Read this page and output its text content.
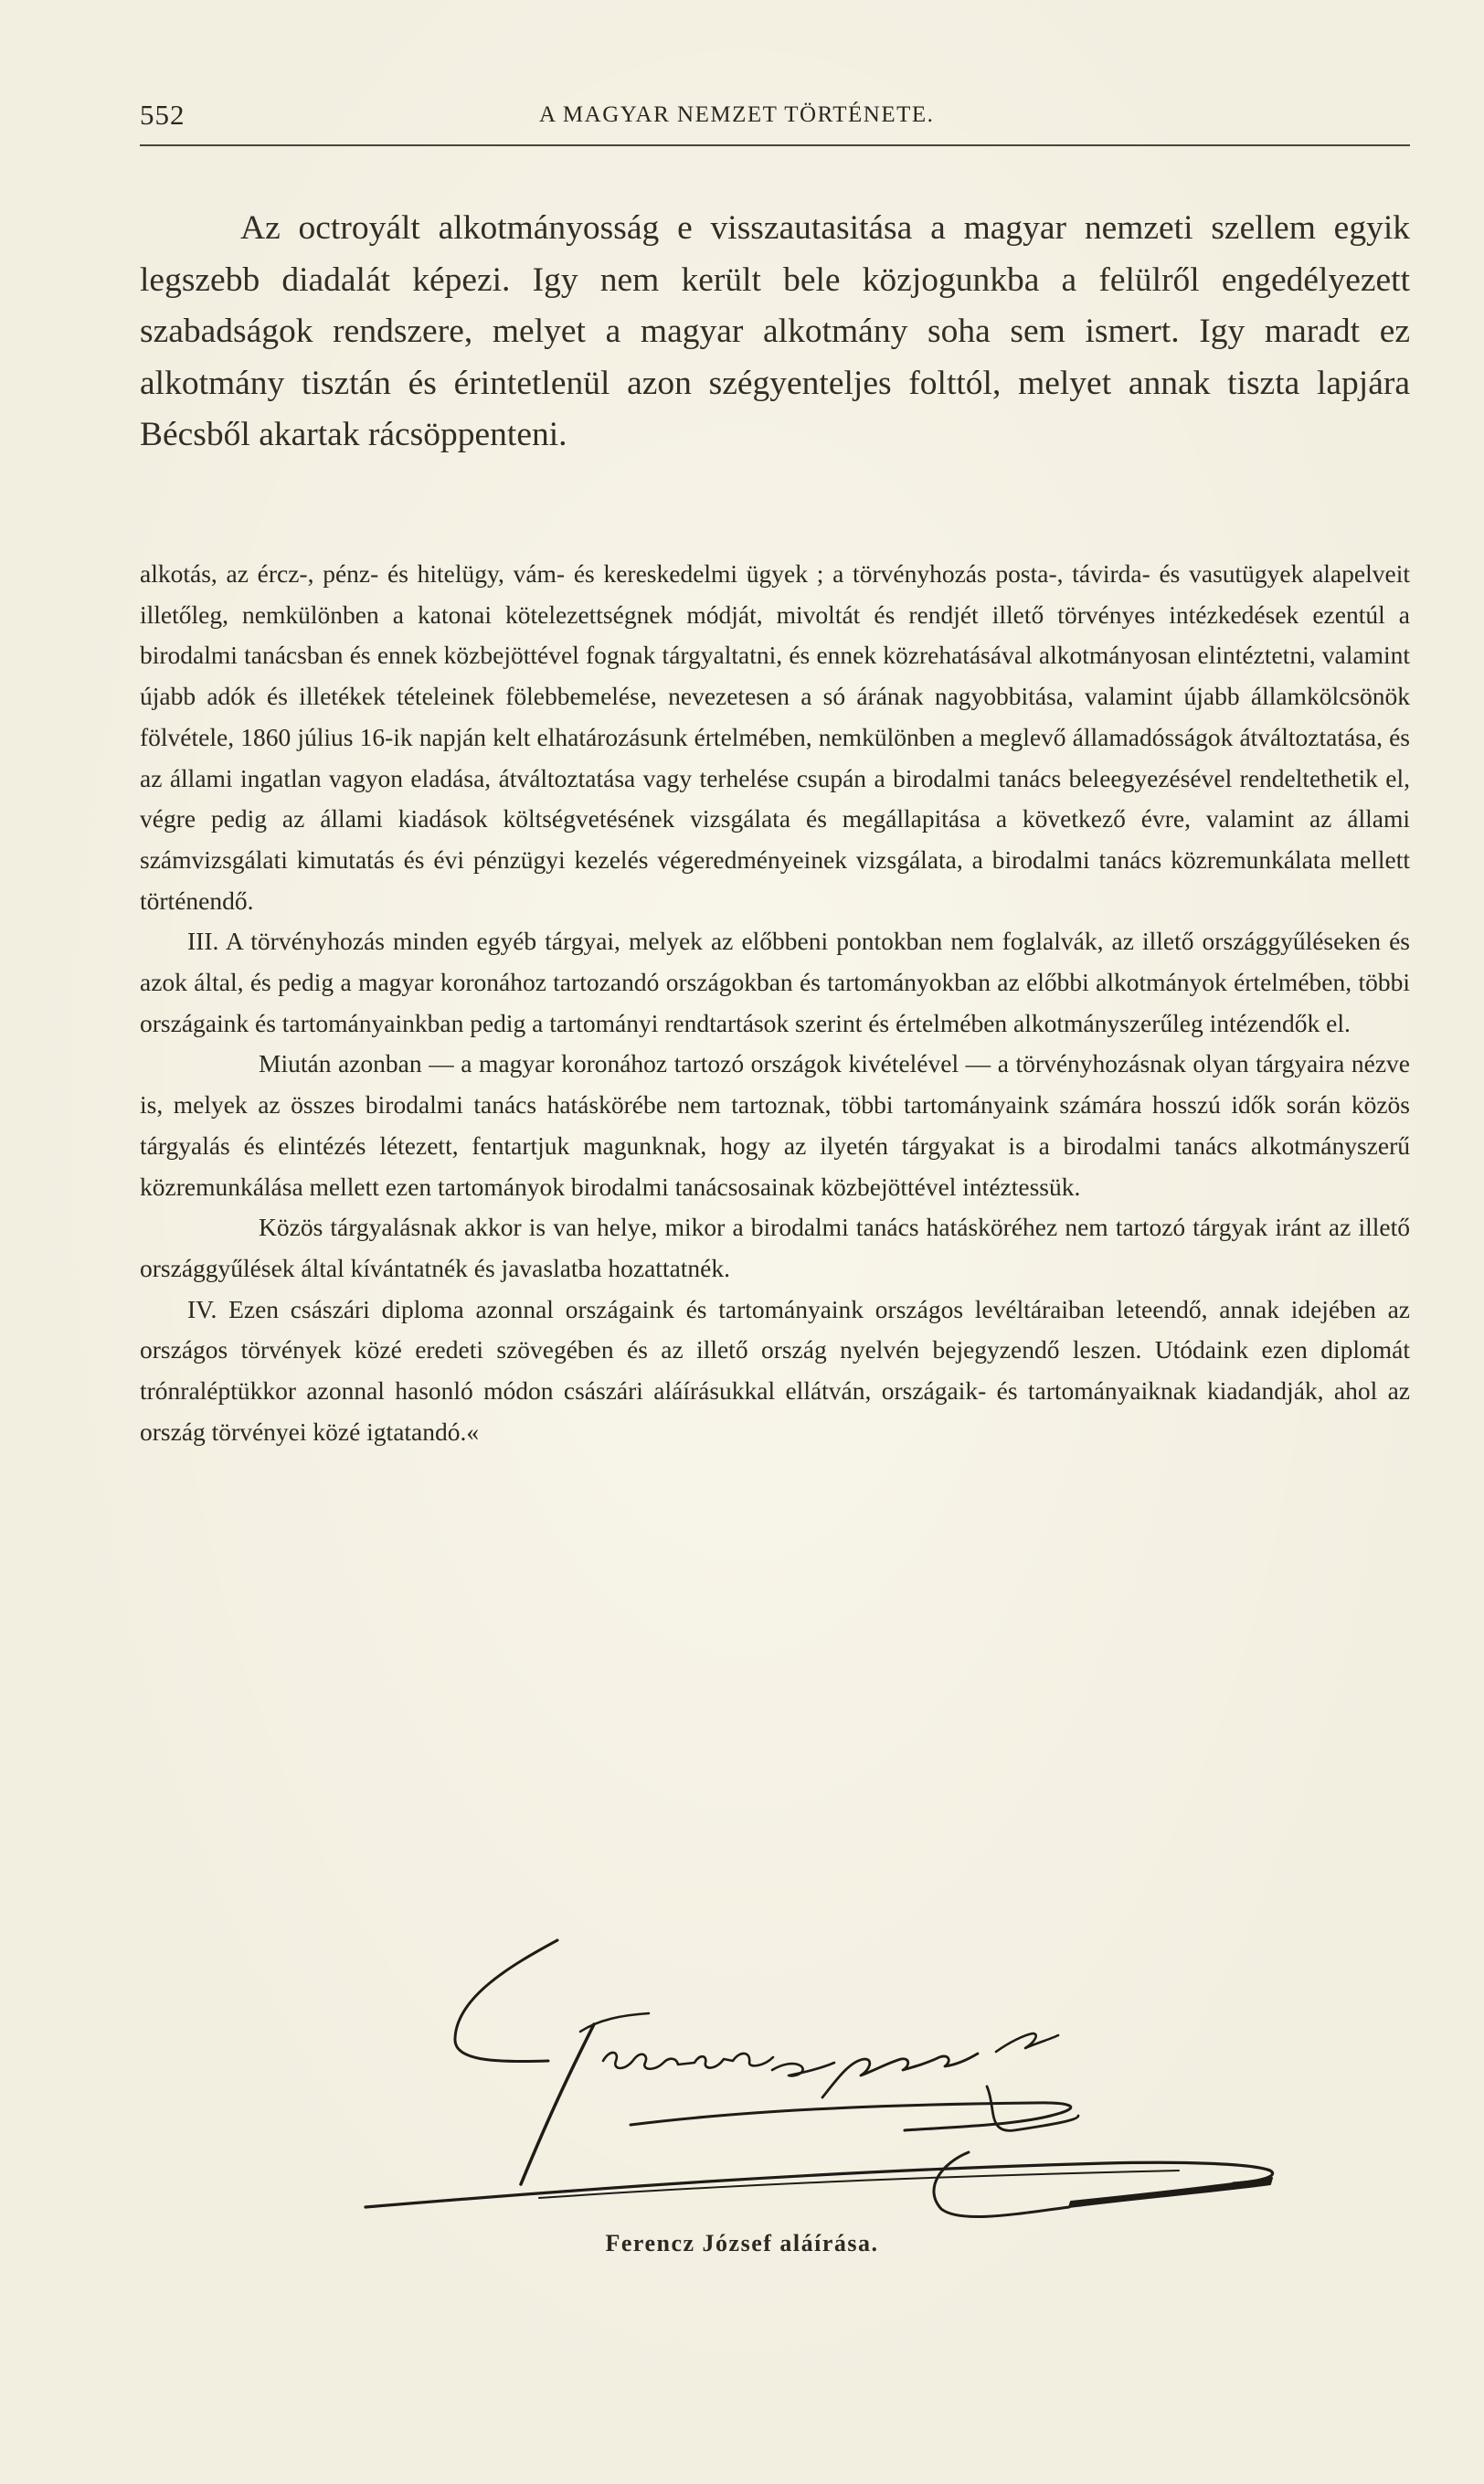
552	A MAGYAR NEMZET TÖRTÉNETE.

Az octroyált alkotmányosság e visszautasitása a magyar nemzeti szellem egyik legszebb diadalát képezi. Igy nem került bele közjogunkba a felülről engedélyezett szabadságok rendszere, melyet a magyar alkotmány soha sem ismert. Igy maradt ez alkotmány tisztán és érintetlenül azon szégyenteljes folttól, melyet annak tiszta lapjára Bécsből akartak rácsöppenteni.

alkotás, az ércz-, pénz- és hitelügy, vám- és kereskedelmi ügyek ; a törvényhozás posta-, távirda- és vasutügyek alapelveit illetőleg, nemkülönben a katonai kötelezettségnek módját, mivoltát és rendjét illető törvényes intézkedések ezentúl a birodalmi tanácsban és ennek közbejöttével fognak tárgyaltatni, és ennek közrehatásával alkotmányosan elintéztetni, valamint újabb adók és illetékek tételeinek fölebbemelése, nevezetesen a só árának nagyobbitása, valamint újabb államkölcsönök fölvétele, 1860 július 16-ik napján kelt elhatározásunk értelmében, nemkülönben a meglevő államadósságok átváltoztatása, és az állami ingatlan vagyon eladása, átváltoztatása vagy terhelése csupán a birodalmi tanács beleegyezésével rendeltethetik el, végre pedig az állami kiadások költségvetésének vizsgálata és megállapitása a következő évre, valamint az állami számvizsgálati kimutatás és évi pénzügyi kezelés végeredményeinek vizsgálata, a birodalmi tanács közremunkálata mellett történendő.

III. A törvényhozás minden egyéb tárgyai, melyek az előbbeni pontokban nem foglalvák, az illető országgyűléseken és azok által, és pedig a magyar koronához tartozandó országokban és tartományokban az előbbi alkotmányok értelmében, többi országaink és tartományainkban pedig a tartományi rendtartások szerint és értelmében alkotmányszerűleg intézendők el.

Miután azonban — a magyar koronához tartozó országok kivételével — a törvényhozásnak olyan tárgyaira nézve is, melyek az összes birodalmi tanács hatáskörébe nem tartoznak, többi tartományaink számára hosszú idők során közös tárgyalás és elintézés létezett, fentartjuk magunknak, hogy az ilyetén tárgyakat is a birodalmi tanács alkotmányszerű közremunkálása mellett ezen tartományok birodalmi tanácsosainak közbejöttével intéztessük.

Közös tárgyalásnak akkor is van helye, mikor a birodalmi tanács hatásköréhez nem tartozó tárgyak iránt az illető országgyűlések által kívántatnék és javaslatba hozattatnék.

IV. Ezen császári diploma azonnal országaink és tartományaink országos levéltáraiban leteendő, annak idejében az országos törvények közé eredeti szövegében és az illető ország nyelvén bejegyzendő leszen. Utódaink ezen diplomát trónraléptükkor azonnal hasonló módon császári aláírásukkal ellátván, országaik- és tartományaiknak kiadandják, ahol az ország törvényei közé igtatandó.«

Ferencz József aláírása.
